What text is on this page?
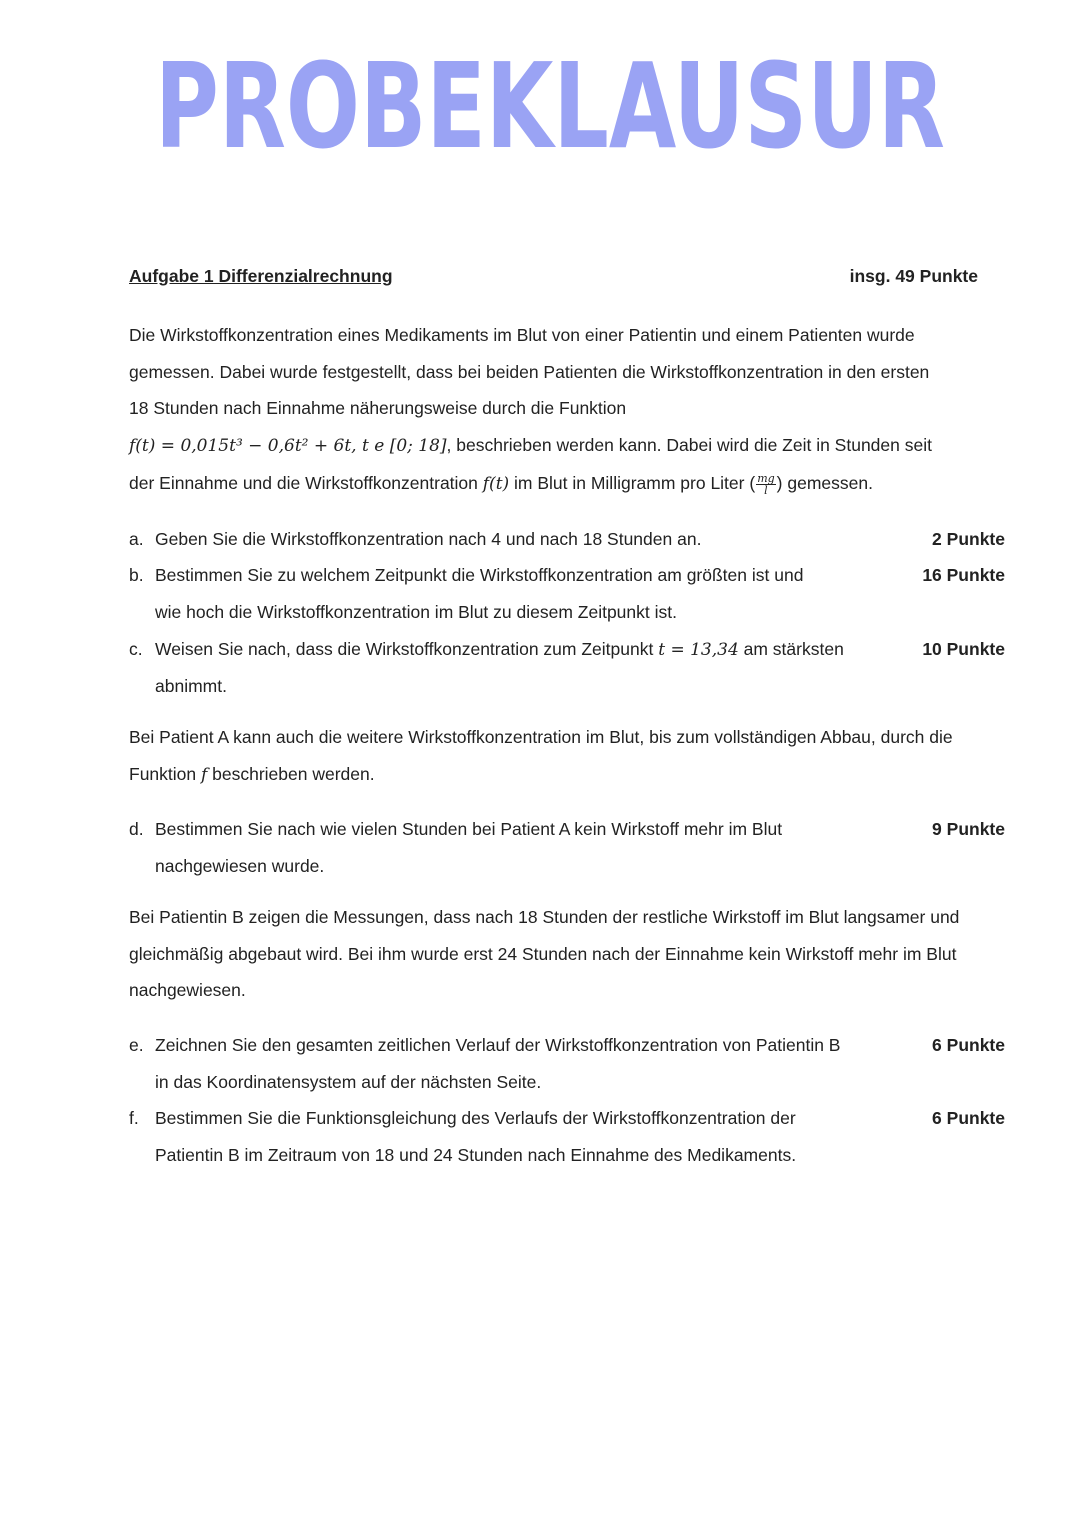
PROBEKLAUSUR
Aufgabe 1 Differenzialrechnung	insg. 49 Punkte

Die Wirkstoffkonzentration eines Medikaments im Blut von einer Patientin und einem Patienten wurde

gemessen. Dabei wurde festgestellt, dass bei beiden Patienten die Wirkstoffkonzentration in den ersten

18 Stunden nach Einnahme näherungsweise durch die Funktion

f(t) = 0,015t³ − 0,6t² + 6t, t e [0; 18], beschrieben werden kann. Dabei wird die Zeit in Stunden seit

der Einnahme und die Wirkstoffkonzentration f(t) im Blut in Milligramm pro Liter ( $\frac{mg}{l}$ ) gemessen.

a. Geben Sie die Wirkstoffkonzentration nach 4 und nach 18 Stunden an.	2 Punkte
b. Bestimmen Sie zu welchem Zeitpunkt die Wirkstoffkonzentration am größten ist und	16 Punkte
wie hoch die Wirkstoffkonzentration im Blut zu diesem Zeitpunkt ist.
c. Weisen Sie nach, dass die Wirkstoffkonzentration zum Zeitpunkt t = 13,34 am stärksten	10 Punkte
abnimmt.

Bei Patient A kann auch die weitere Wirkstoffkonzentration im Blut, bis zum vollständigen Abbau, durch die

Funktion f beschrieben werden.

d. Bestimmen Sie nach wie vielen Stunden bei Patient A kein Wirkstoff mehr im Blut	9 Punkte
nachgewiesen wurde.

Bei Patientin B zeigen die Messungen, dass nach 18 Stunden der restliche Wirkstoff im Blut langsamer und

gleichmäßig abgebaut wird. Bei ihm wurde erst 24 Stunden nach der Einnahme kein Wirkstoff mehr im Blut

nachgewiesen.

e. Zeichnen Sie den gesamten zeitlichen Verlauf der Wirkstoffkonzentration von Patientin B	6 Punkte
in das Koordinatensystem auf der nächsten Seite.
f. Bestimmen Sie die Funktionsgleichung des Verlaufs der Wirkstoffkonzentration der	6 Punkte
Patientin B im Zeitraum von 18 und 24 Stunden nach Einnahme des Medikaments.
